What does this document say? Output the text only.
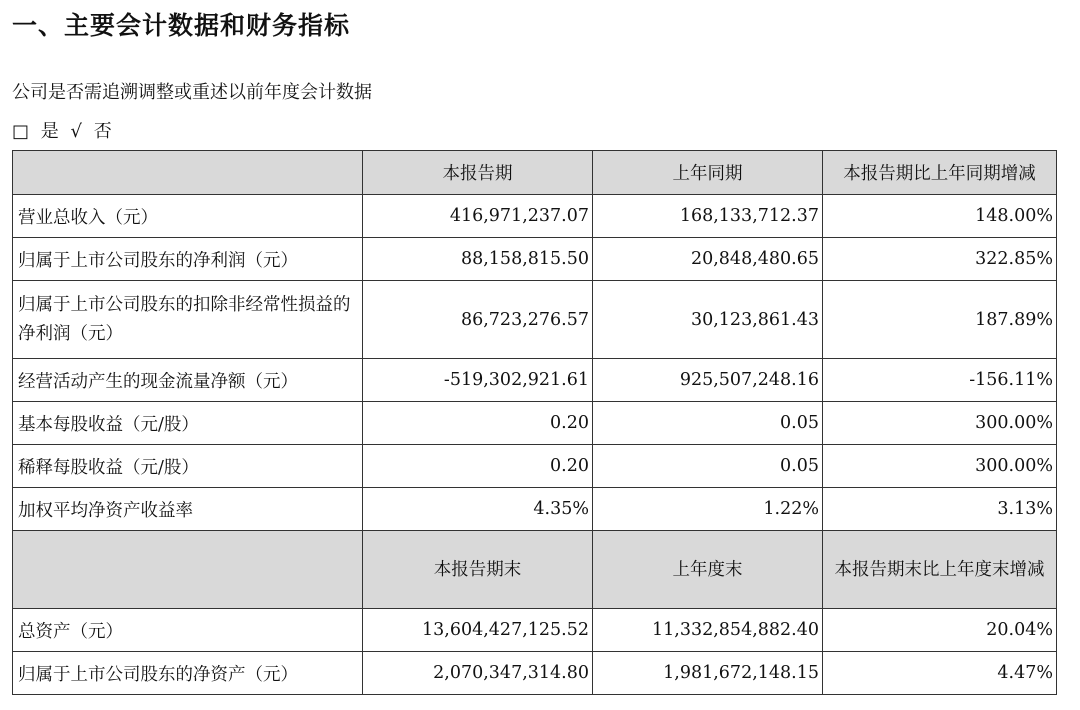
一、主要会计数据和财务指标
公司是否需追溯调整或重述以前年度会计数据
□ 是 √ 否
	本报告期	上年同期	本报告期比上年同期增减
营业总收入（元）	416,971,237.07	168,133,712.37	148.00%
归属于上市公司股东的净利润（元）	88,158,815.50	20,848,480.65	322.85%
归属于上市公司股东的扣除非经常性损益的净利润（元）	86,723,276.57	30,123,861.43	187.89%
经营活动产生的现金流量净额（元）	-519,302,921.61	925,507,248.16	-156.11%
基本每股收益（元/股）	0.20	0.05	300.00%
稀释每股收益（元/股）	0.20	0.05	300.00%
加权平均净资产收益率	4.35%	1.22%	3.13%
	本报告期末	上年度末	本报告期末比上年度末增减
总资产（元）	13,604,427,125.52	11,332,854,882.40	20.04%
归属于上市公司股东的净资产（元）	2,070,347,314.80	1,981,672,148.15	4.47%
